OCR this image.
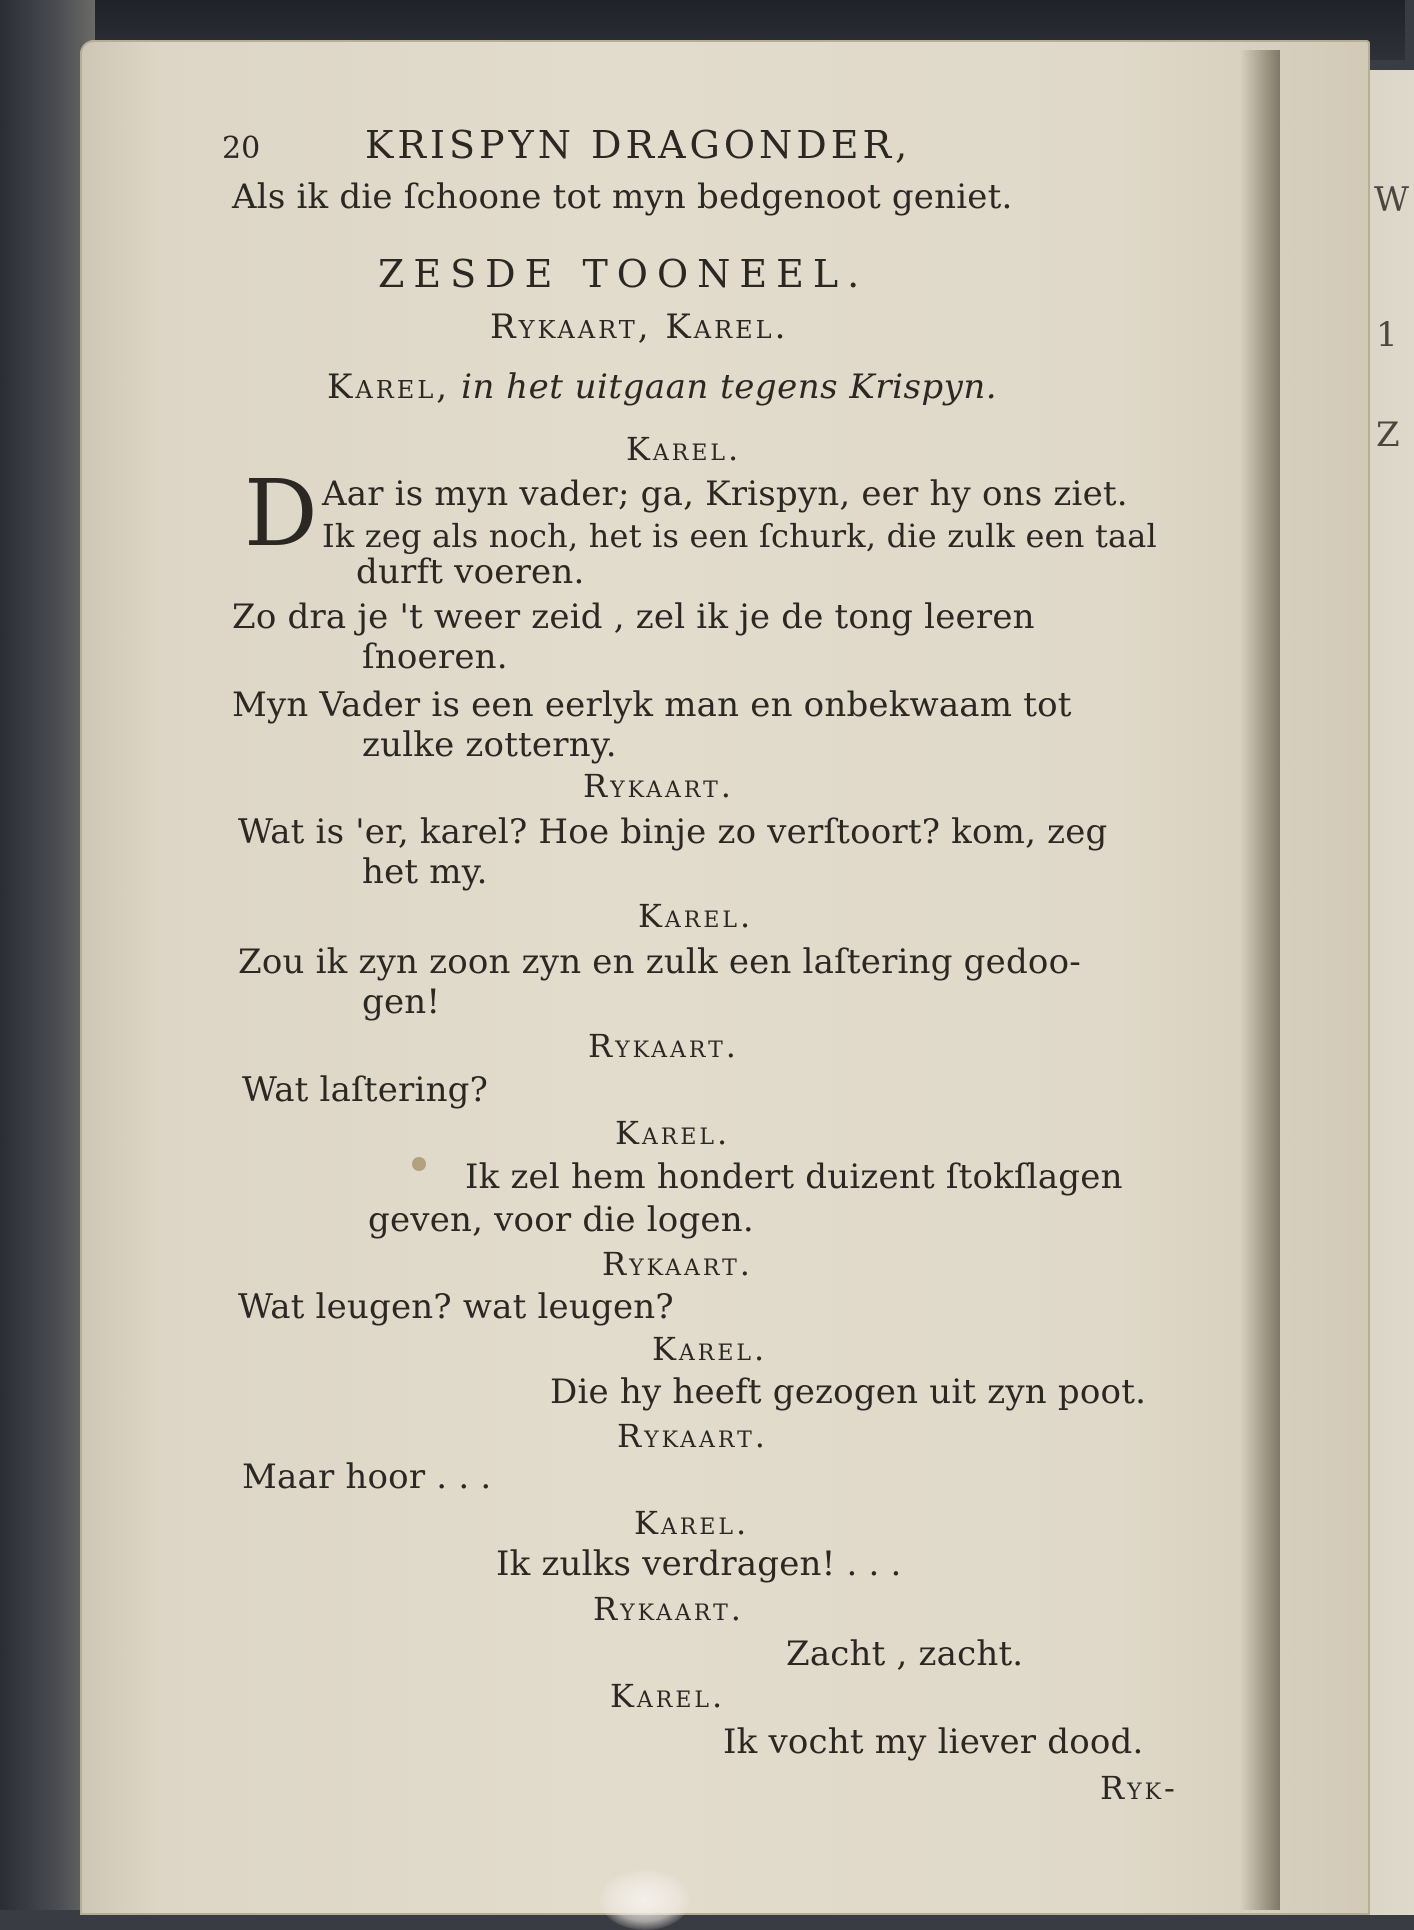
W
1
Z
20	KRISPYN DRAGONDER,
Als ik die ſchoone tot myn bedgenoot geniet.
ZESDE TOONEEL.
Rykaart, Karel.
Karel, in het uitgaan tegens Krispyn.
Karel.
D Aar is myn vader; ga, Krispyn, eer hy ons ziet.
Ik zeg als noch, het is een ſchurk, die zulk een taal
durft voeren.
Zo dra je 't weer zeid , zel ik je de tong leeren
ſnoeren.
Myn Vader is een eerlyk man en onbekwaam tot
zulke zotterny.
Rykaart.
Wat is 'er, karel? Hoe binje zo verſtoort? kom, zeg
het my.
Karel.
Zou ik zyn zoon zyn en zulk een laſtering gedoo-
gen!
Rykaart.
Wat laſtering?
Karel.
Ik zel hem hondert duizent ſtokſlagen
geven, voor die logen.
Rykaart.
Wat leugen? wat leugen?
Karel.
Die hy heeft gezogen uit zyn poot.
Rykaart.
Maar hoor . . .
Karel.
Ik zulks verdragen! . . .
Rykaart.
Zacht , zacht.
Karel.
Ik vocht my liever dood.
Ryk-
